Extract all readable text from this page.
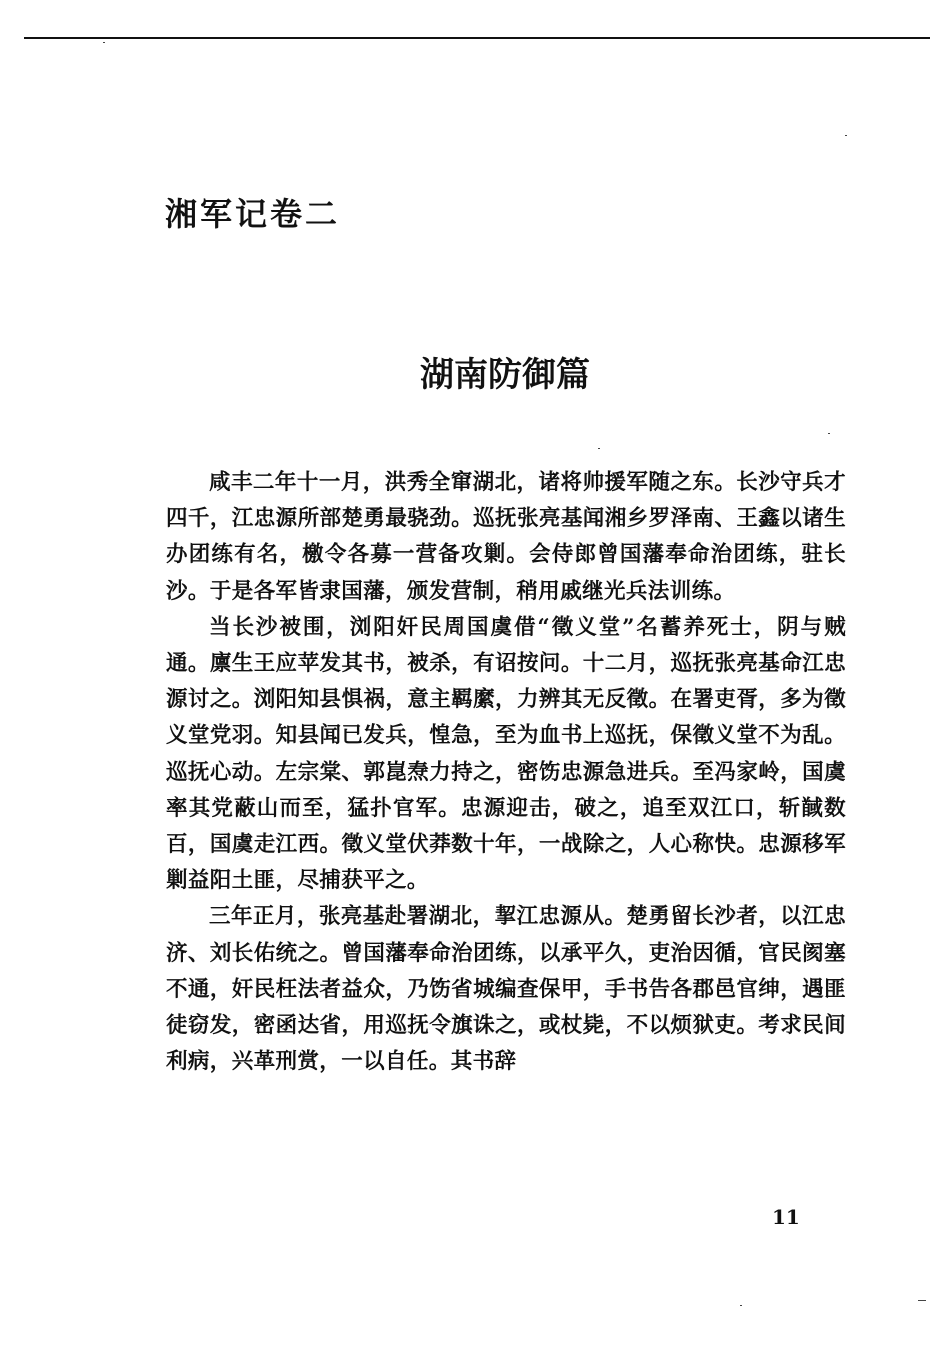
湘军记卷二
湖南防御篇

咸丰二年十一月，洪秀全窜湖北，诸将帅援军随之东。长沙守兵才四千，江忠源所部楚勇最骁劲。巡抚张亮基闻湘乡罗泽南、王鑫以诸生办团练有名，檄令各募一营备攻剿。会侍郎曾国藩奉命治团练，驻长沙。于是各军皆隶国藩，颁发营制，稍用戚继光兵法训练。

当长沙被围，浏阳奸民周国虞借“徵义堂”名蓄养死士，阴与贼通。廪生王应苹发其书，被杀，有诏按问。十二月，巡抚张亮基命江忠源讨之。浏阳知县惧祸，意主羁縻，力辨其无反徵。在署吏胥，多为徵义堂党羽。知县闻已发兵，惶急，至为血书上巡抚，保徵义堂不为乱。巡抚心动。左宗棠、郭崑焘力持之，密饬忠源急进兵。至冯家岭，国虞率其党蔽山而至，猛扑官军。忠源迎击，破之，追至双江口，斩馘数百，国虞走江西。徵义堂伏莽数十年，一战除之，人心称快。忠源移军剿益阳土匪，尽捕获平之。

三年正月，张亮基赴署湖北，挈江忠源从。楚勇留长沙者，以江忠济、刘长佑统之。曾国藩奉命治团练，以承平久，吏治因循，官民阂塞不通，奸民枉法者益众，乃饬省城编查保甲，手书告各郡邑官绅，遇匪徒窃发，密函达省，用巡抚令旗诛之，或杖毙，不以烦狱吏。考求民间利病，兴革刑赏，一以自任。其书辞

11
